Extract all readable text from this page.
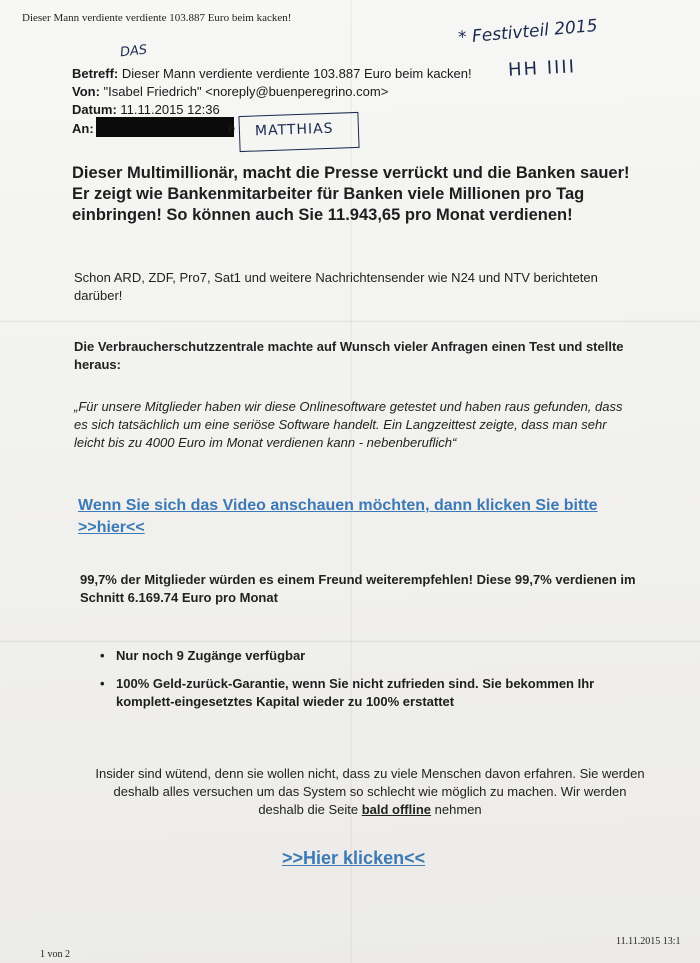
Dieser Mann verdiente verdiente 103.887 Euro beim kacken!
DAS
* Festivteil 2015
HH IIII
Betreff: Dieser Mann verdiente verdiente 103.887 Euro beim kacken!
Von: "Isabel Friedrich" <noreply@buenperegrino.com>
Datum: 11.11.2015 12:36
An:	e MATTHIAS
Dieser Multimillionär, macht die Presse verrückt und die Banken sauer! Er zeigt wie Bankenmitarbeiter für Banken viele Millionen pro Tag einbringen! So können auch Sie 11.943,65 pro Monat verdienen!
Schon ARD, ZDF, Pro7, Sat1 und weitere Nachrichtensender wie N24 und NTV berichteten darüber!
Die Verbraucherschutzzentrale machte auf Wunsch vieler Anfragen einen Test und stellte heraus:
„Für unsere Mitglieder haben wir diese Onlinesoftware getestet und haben raus gefunden, dass es sich tatsächlich um eine seriöse Software handelt. Ein Langzeittest zeigte, dass man sehr leicht bis zu 4000 Euro im Monat verdienen kann - nebenberuflich“
Wenn Sie sich das Video anschauen möchten, dann klicken Sie bitte >>hier<<
99,7% der Mitglieder würden es einem Freund weiterempfehlen! Diese 99,7% verdienen im Schnitt 6.169.74 Euro pro Monat
• Nur noch 9 Zugänge verfügbar
• 100% Geld-zurück-Garantie, wenn Sie nicht zufrieden sind. Sie bekommen Ihr komplett-eingesetztes Kapital wieder zu 100% erstattet
Insider sind wütend, denn sie wollen nicht, dass zu viele Menschen davon erfahren. Sie werden deshalb alles versuchen um das System so schlecht wie möglich zu machen. Wir werden deshalb die Seite bald offline nehmen
>>Hier klicken<<
1 von 2
11.11.2015 13:1
